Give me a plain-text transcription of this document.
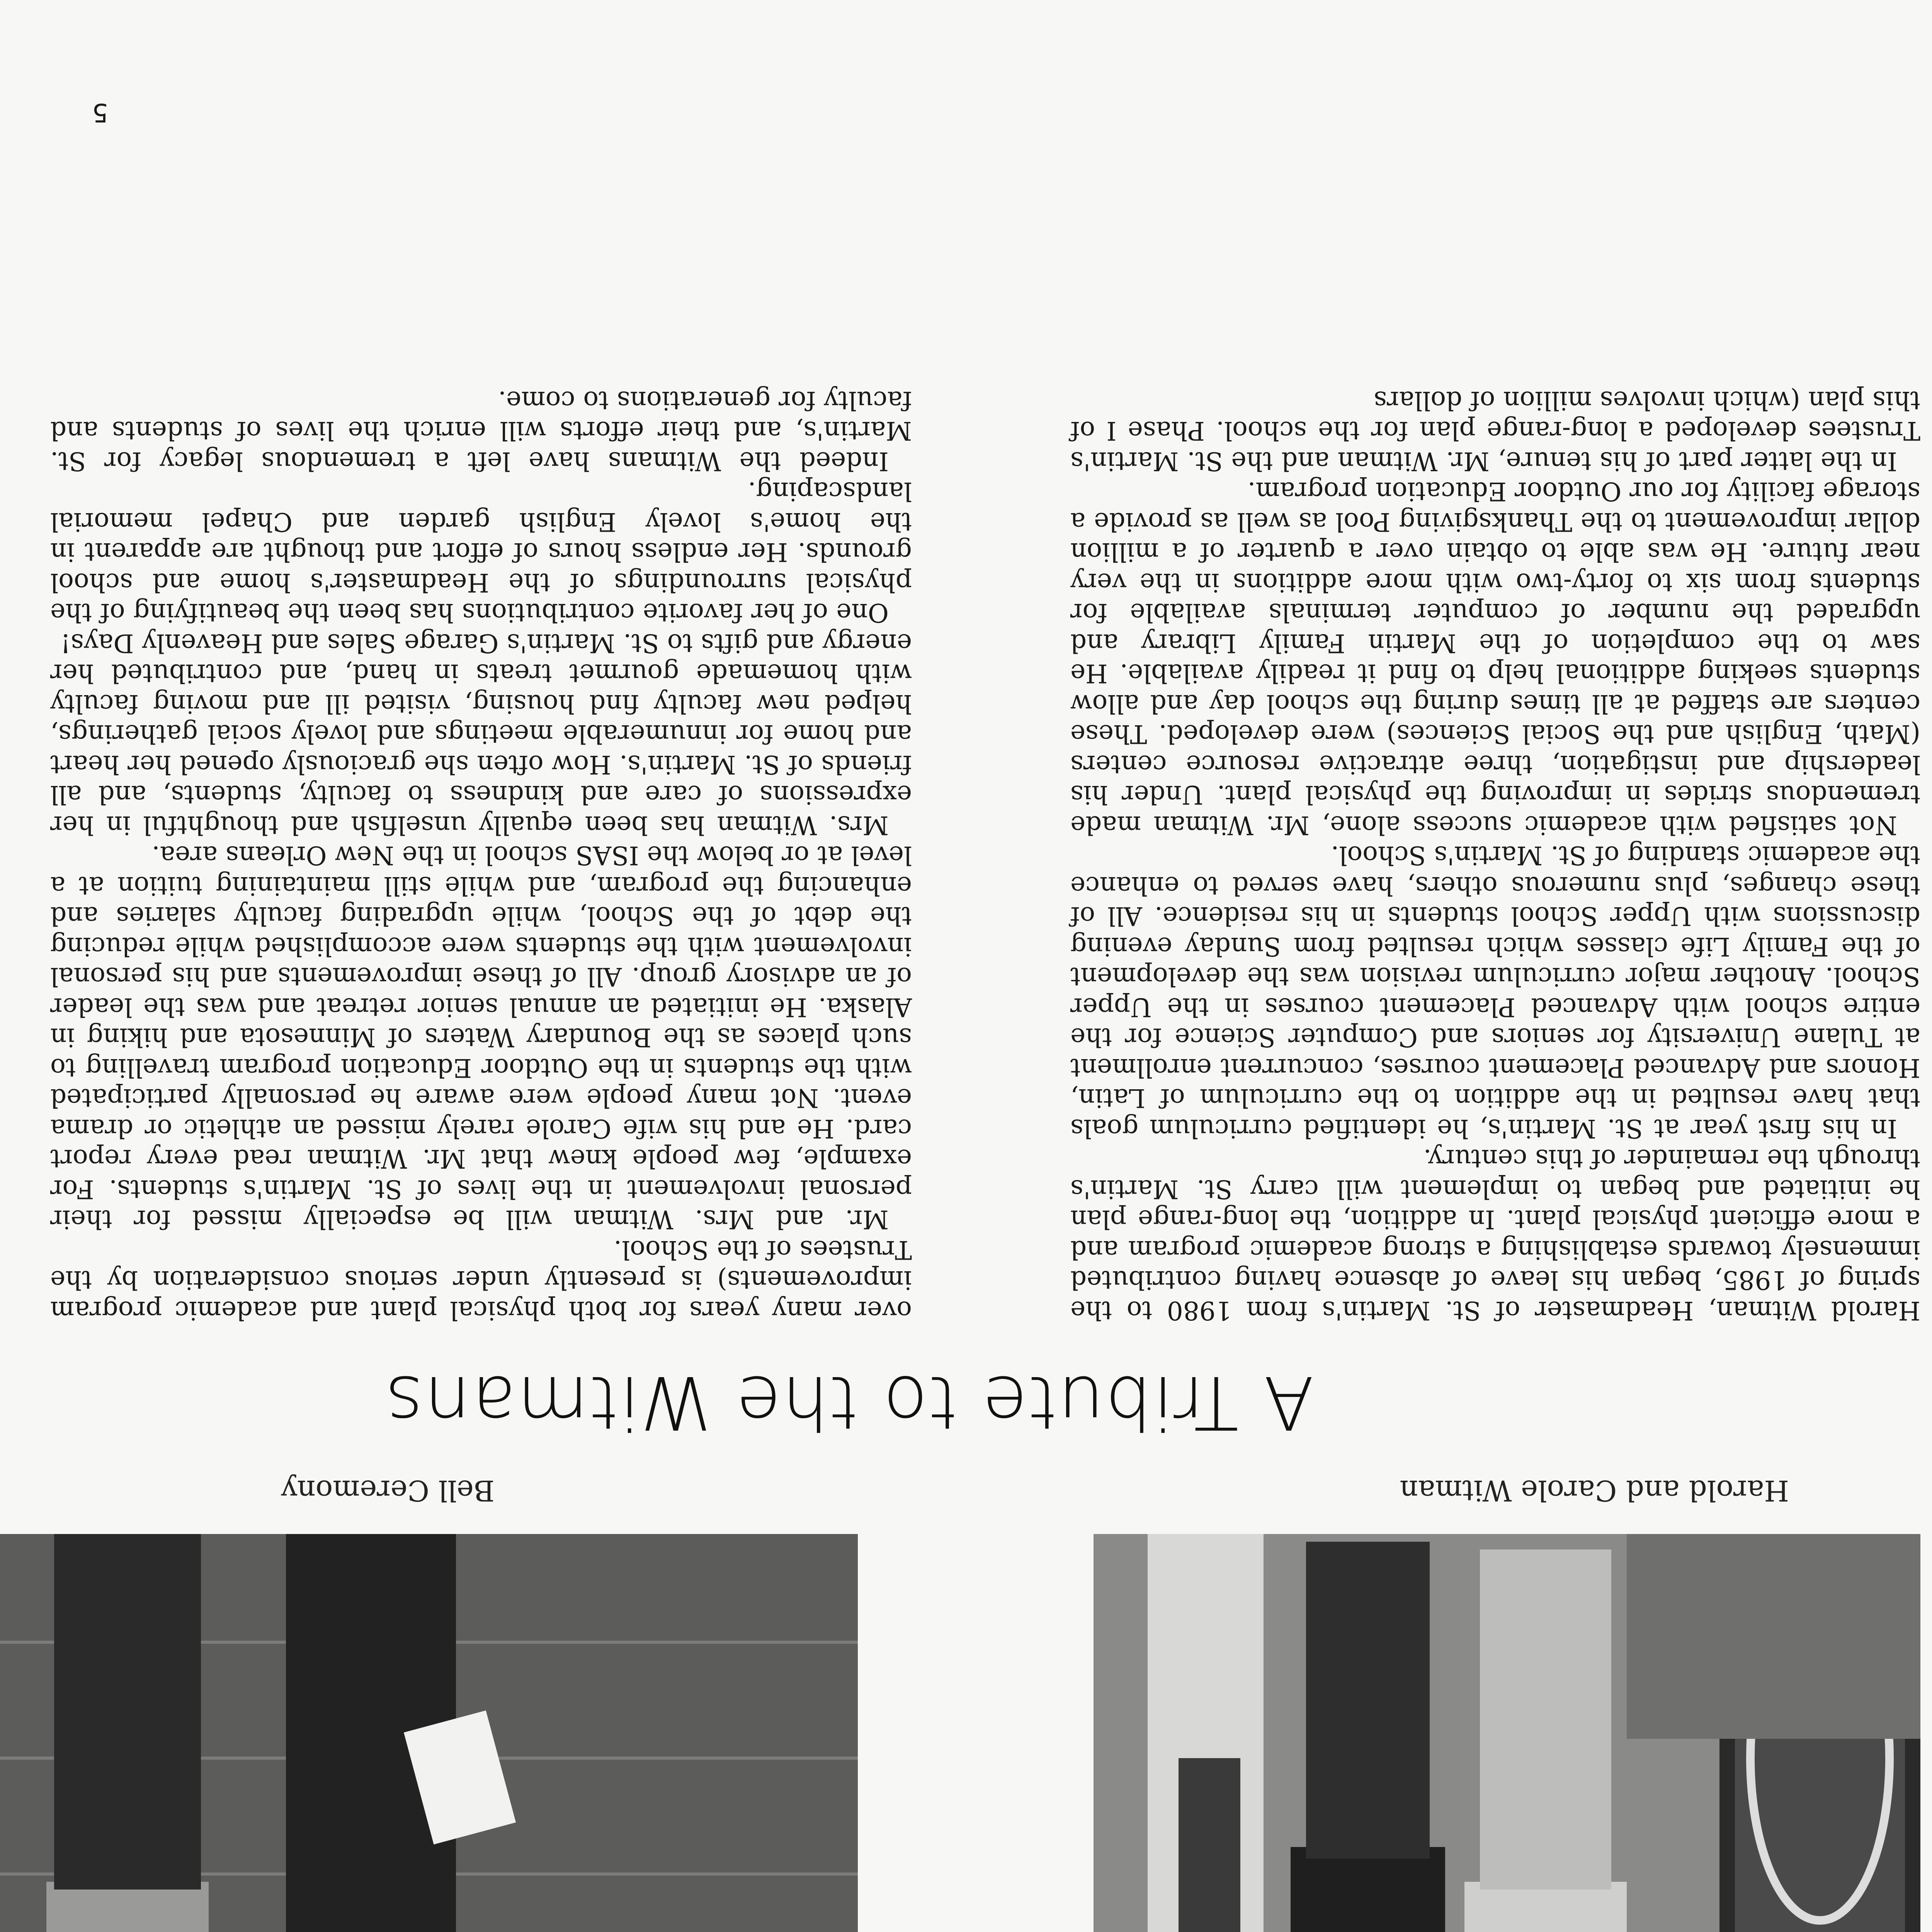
Harold and Carole Witman
Bell Ceremony
A Tribute to the Witmans

Harold Witman, Headmaster of St. Martin's from 1980 to the spring of 1985, began his leave of absence having contributed immensely towards establishing a strong academic program and a more efficient physical plant. In addition, the long-range plan he initiated and began to implement will carry St. Martin's through the remainder of this century.

In his first year at St. Martin's, he identified curriculum goals that have resulted in the addition to the curriculum of Latin, Honors and Advanced Placement courses, concurrent enrollment at Tulane University for seniors and Computer Science for the entire school with Advanced Placement courses in the Upper School. Another major curriculum revision was the development of the Family Life classes which resulted from Sunday evening discussions with Upper School students in his residence. All of these changes, plus numerous others, have served to enhance the academic standing of St. Martin's School.

Not satisfied with academic success alone, Mr. Witman made tremendous strides in improving the physical plant. Under his leadership and instigation, three attractive resource centers (Math, English and the Social Sciences) were developed. These centers are staffed at all times during the school day and allow students seeking additional help to find it readily available. He saw to the completion of the Martin Family Library and upgraded the number of computer terminals available for students from six to forty-two with more additions in the very near future. He was able to obtain over a quarter of a million dollar improvement to the Thanksgiving Pool as well as provide a storage facility for our Outdoor Education program.

In the latter part of his tenure, Mr. Witman and the St. Martin's Trustees developed a long-range plan for the school. Phase I of this plan (which involves million of dollars

over many years for both physical plant and academic program improvements) is presently under serious consideration by the Trustees of the School.

Mr. and Mrs. Witman will be especially missed for their personal involvement in the lives of St. Martin's students. For example, few people knew that Mr. Witman read every report card. He and his wife Carole rarely missed an athletic or drama event. Not many people were aware he personally participated with the students in the Outdoor Education program travelling to such places as the Boundary Waters of Minnesota and hiking in Alaska. He initiated an annual senior retreat and was the leader of an advisory group. All of these improvements and his personal involvement with the students were accomplished while reducing the debt of the School, while upgrading faculty salaries and enhancing the program, and while still maintaining tuition at a level at or below the ISAS school in the New Orleans area.

Mrs. Witman has been equally unselfish and thoughtful in her expressions of care and kindness to faculty, students, and all friends of St. Martin's. How often she graciously opened her heart and home for innumerable meetings and lovely social gatherings, helped new faculty find housing, visited ill and moving faculty with homemade gourmet treats in hand, and contributed her energy and gifts to St. Martin's Garage Sales and Heavenly Days!

One of her favorite contributions has been the beautifying of the physical surroundings of the Headmaster's home and school grounds. Her endless hours of effort and thought are apparent in the home's lovely English garden and Chapel memorial landscaping.

Indeed the Witmans have left a tremendous legacy for St. Martin's, and their efforts will enrich the lives of students and faculty for generations to come.

5
